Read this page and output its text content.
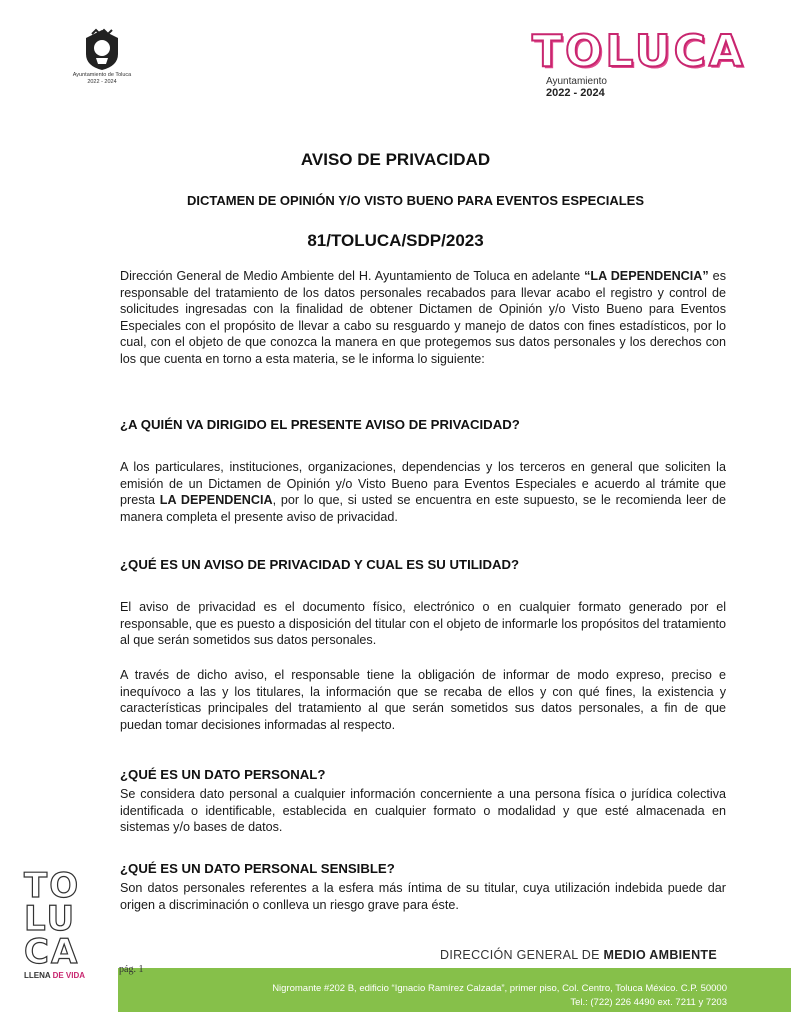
Ayuntamiento de Toluca
2022 - 2024
TOLUCA
Ayuntamiento
2022 - 2024
AVISO DE PRIVACIDAD
DICTAMEN DE OPINIÓN Y/O VISTO BUENO PARA EVENTOS ESPECIALES
81/TOLUCA/SDP/2023

Dirección General de Medio Ambiente del H. Ayuntamiento de Toluca en adelante “LA DEPENDENCIA” es responsable del tratamiento de los datos personales recabados para llevar acabo el registro y control de solicitudes ingresadas con la finalidad de obtener Dictamen de Opinión y/o Visto Bueno para Eventos Especiales con el propósito de llevar a cabo su resguardo y manejo de datos con fines estadísticos, por lo cual, con el objeto de que conozca la manera en que protegemos sus datos personales y los derechos con los que cuenta en torno a esta materia, se le informa lo siguiente:

¿A QUIÉN VA DIRIGIDO EL PRESENTE AVISO DE PRIVACIDAD?

A los particulares, instituciones, organizaciones, dependencias y los terceros en general que soliciten la emisión de un Dictamen de Opinión y/o Visto Bueno para Eventos Especiales e acuerdo al trámite que presta LA DEPENDENCIA, por lo que, si usted se encuentra en este supuesto, se le recomienda leer de manera completa el presente aviso de privacidad.

¿QUÉ ES UN AVISO DE PRIVACIDAD Y CUAL ES SU UTILIDAD?

El aviso de privacidad es el documento físico, electrónico o en cualquier formato generado por el responsable, que es puesto a disposición del titular con el objeto de informarle los propósitos del tratamiento al que serán sometidos sus datos personales.

A través de dicho aviso, el responsable tiene la obligación de informar de modo expreso, preciso e inequívoco a las y los titulares, la información que se recaba de ellos y con qué fines, la existencia y características principales del tratamiento al que serán sometidos sus datos personales, a fin de que puedan tomar decisiones informadas al respecto.

¿QUÉ ES UN DATO PERSONAL?

Se considera dato personal a cualquier información concerniente a una persona física o jurídica colectiva identificada o identificable, establecida en cualquier formato o modalidad y que esté almacenada en sistemas y/o bases de datos.

¿QUÉ ES UN DATO PERSONAL SENSIBLE?

Son datos personales referentes a la esfera más íntima de su titular, cuya utilización indebida puede dar origen a discriminación o conlleva un riesgo grave para éste.

TO
LU
CA
LLENA DE VIDA
DIRECCIÓN GENERAL DE MEDIO AMBIENTE
Nigromante #202 B, edificio “Ignacio Ramírez Calzada”, primer piso, Col. Centro, Toluca México. C.P. 50000
Tel.: (722) 226 4490 ext. 7211 y 7203
pág. 1
